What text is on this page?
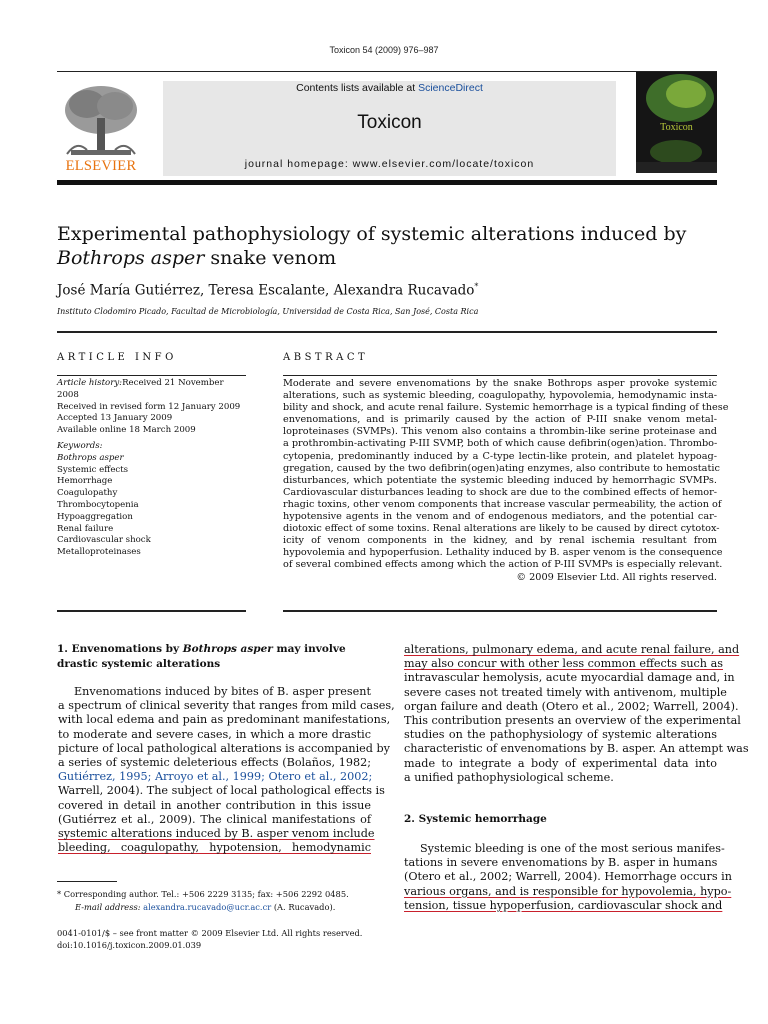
Toxicon 54 (2009) 976–987
ELSEVIER
Contents lists available at ScienceDirect
Toxicon
journal homepage: www.elsevier.com/locate/toxicon
Toxicon
Experimental pathophysiology of systemic alterations induced by
Bothrops asper snake venom
José María Gutiérrez, Teresa Escalante, Alexandra Rucavado*
Instituto Clodomiro Picado, Facultad de Microbiología, Universidad de Costa Rica, San José, Costa Rica
ARTICLE INFO	ABSTRACT
Article history:Received 21 November 2008
Received in revised form 12 January 2009
Accepted 13 January 2009
Available online 18 March 2009
Keywords:
Bothrops asper
Systemic effects
Hemorrhage
Coagulopathy
Thrombocytopenia
Hypoaggregation
Renal failure
Cardiovascular shock
Metalloproteinases
Moderate and severe envenomations by the snake Bothrops asper provoke systemic
alterations, such as systemic bleeding, coagulopathy, hypovolemia, hemodynamic insta-
bility and shock, and acute renal failure. Systemic hemorrhage is a typical finding of these
envenomations, and is primarily caused by the action of P-III snake venom metal-
loproteinases (SVMPs). This venom also contains a thrombin-like serine proteinase and
a prothrombin-activating P-III SVMP, both of which cause defibrin(ogen)ation. Thrombo-
cytopenia, predominantly induced by a C-type lectin-like protein, and platelet hypoag-
gregation, caused by the two defibrin(ogen)ating enzymes, also contribute to hemostatic
disturbances, which potentiate the systemic bleeding induced by hemorrhagic SVMPs.
Cardiovascular disturbances leading to shock are due to the combined effects of hemor-
rhagic toxins, other venom components that increase vascular permeability, the action of
hypotensive agents in the venom and of endogenous mediators, and the potential car-
diotoxic effect of some toxins. Renal alterations are likely to be caused by direct cytotox-
icity of venom components in the kidney, and by renal ischemia resultant from
hypovolemia and hypoperfusion. Lethality induced by B. asper venom is the consequence
of several combined effects among which the action of P-III SVMPs is especially relevant.
© 2009 Elsevier Ltd. All rights reserved.
1. Envenomations by Bothrops asper may involve
drastic systemic alterations
Envenomations induced by bites of B. asper present
a spectrum of clinical severity that ranges from mild cases,
with local edema and pain as predominant manifestations,
to moderate and severe cases, in which a more drastic
picture of local pathological alterations is accompanied by
a series of systemic deleterious effects (Bolaños, 1982;
Gutiérrez, 1995; Arroyo et al., 1999; Otero et al., 2002;
Warrell, 2004). The subject of local pathological effects is
covered in detail in another contribution in this issue
(Gutiérrez et al., 2009). The clinical manifestations of
systemic alterations induced by B. asper venom include
bleeding, coagulopathy, hypotension, hemodynamic
alterations, pulmonary edema, and acute renal failure, and
may also concur with other less common effects such as
intravascular hemolysis, acute myocardial damage and, in
severe cases not treated timely with antivenom, multiple
organ failure and death (Otero et al., 2002; Warrell, 2004).
This contribution presents an overview of the experimental
studies on the pathophysiology of systemic alterations
characteristic of envenomations by B. asper. An attempt was
made to integrate a body of experimental data into
a unified pathophysiological scheme.
2. Systemic hemorrhage
Systemic bleeding is one of the most serious manifes-
tations in severe envenomations by B. asper in humans
(Otero et al., 2002; Warrell, 2004). Hemorrhage occurs in
various organs, and is responsible for hypovolemia, hypo-
tension, tissue hypoperfusion, cardiovascular shock and
* Corresponding author. Tel.: +506 2229 3135; fax: +506 2292 0485.
E-mail address: alexandra.rucavado@ucr.ac.cr (A. Rucavado).
0041-0101/$ – see front matter © 2009 Elsevier Ltd. All rights reserved.
doi:10.1016/j.toxicon.2009.01.039
